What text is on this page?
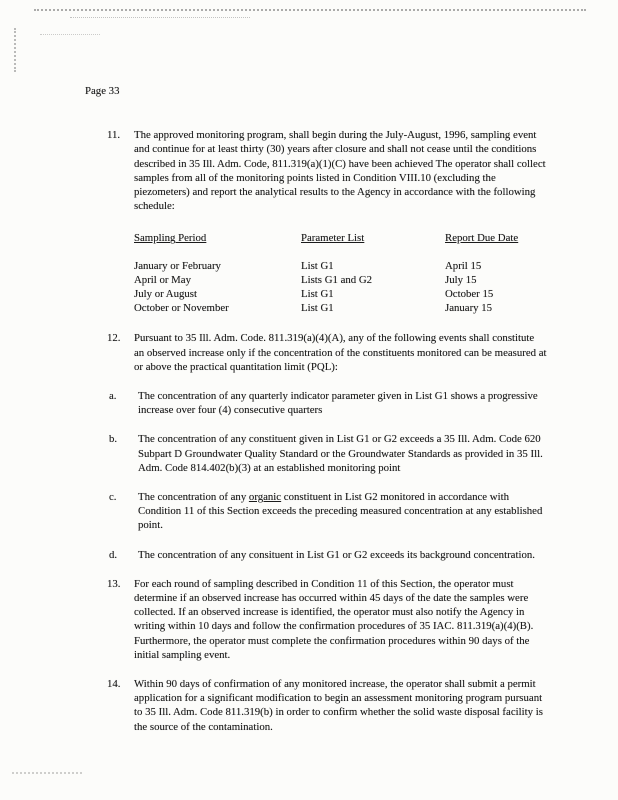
Page 33
11.	The approved monitoring program, shall begin during the July-August, 1996, sampling event and continue for at least thirty (30) years after closure and shall not cease until the conditions described in 35 Ill. Adm. Code, 811.319(a)(1)(C) have been achieved The operator shall collect samples from all of the monitoring points listed in Condition VIII.10 (excluding the piezometers) and report the analytical results to the Agency in accordance with the following schedule:
Sampling Period	Parameter List	Report Due Date
January or February	List G1	April 15
April or May	Lists G1 and G2	July 15
July or August	List G1	October 15
October or November	List G1	January 15
12.	Pursuant to 35 Ill. Adm. Code. 811.319(a)(4)(A), any of the following events shall constitute an observed increase only if the concentration of the constituents monitored can be measured at or above the practical quantitation limit (PQL):
a.	The concentration of any quarterly indicator parameter given in List G1 shows a progressive increase over four (4) consecutive quarters
b.	The concentration of any constituent given in List G1 or G2 exceeds a 35 Ill. Adm. Code 620 Subpart D Groundwater Quality Standard or the Groundwater Standards as provided in 35 Ill. Adm. Code 814.402(b)(3) at an established monitoring point
c.	The concentration of any organic constituent in List G2 monitored in accordance with Condition 11 of this Section exceeds the preceding measured concentration at any established point.
d.	The concentration of any consituent in List G1 or G2 exceeds its background concentration.
13.	For each round of sampling described in Condition 11 of this Section, the operator must determine if an observed increase has occurred within 45 days of the date the samples were collected. If an observed increase is identified, the operator must also notify the Agency in writing within 10 days and follow the confirmation procedures of 35 IAC. 811.319(a)(4)(B). Furthermore, the operator must complete the confirmation procedures within 90 days of the initial sampling event.
14.	Within 90 days of confirmation of any monitored increase, the operator shall submit a permit application for a significant modification to begin an assessment monitoring program pursuant to 35 Ill. Adm. Code 811.319(b) in order to confirm whether the solid waste disposal facility is the source of the contamination.
